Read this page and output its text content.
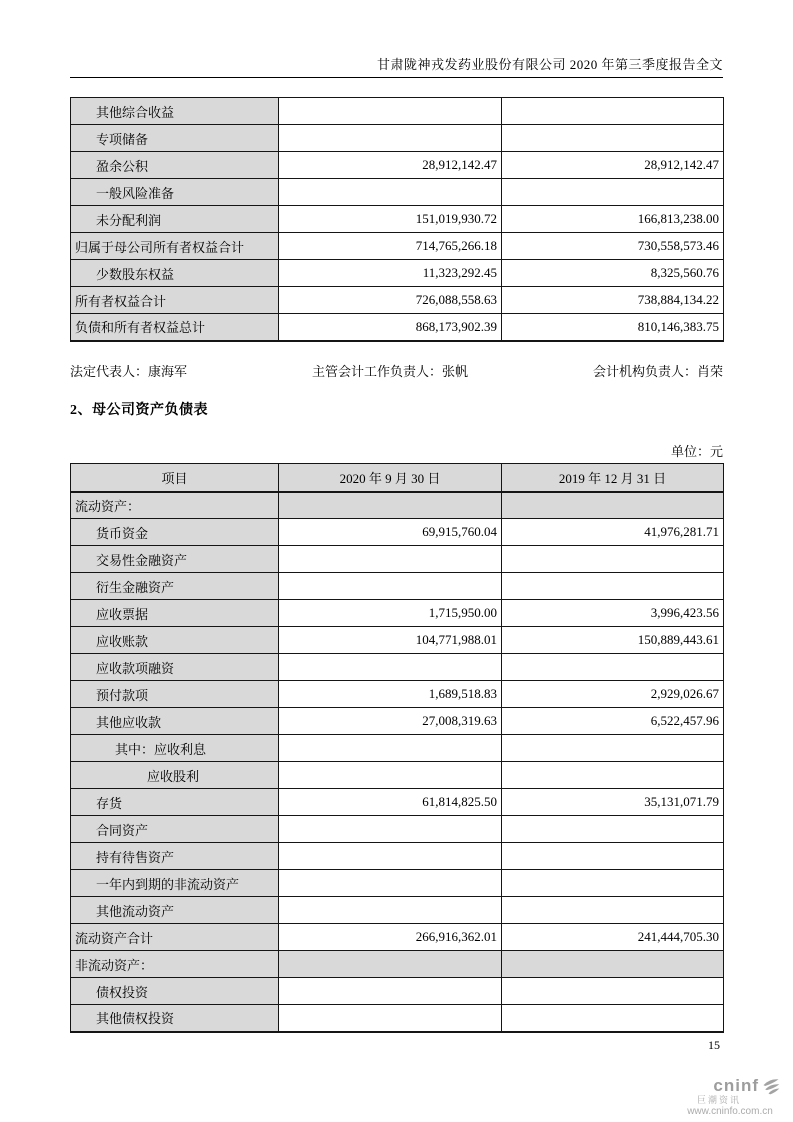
甘肃陇神戎发药业股份有限公司 2020 年第三季度报告全文
其他综合收益		
专项储备		
盈余公积	28,912,142.47	28,912,142.47
一般风险准备		
未分配利润	151,019,930.72	166,813,238.00
归属于母公司所有者权益合计	714,765,266.18	730,558,573.46
少数股东权益	11,323,292.45	8,325,560.76
所有者权益合计	726,088,558.63	738,884,134.22
负债和所有者权益总计	868,173,902.39	810,146,383.75
法定代表人：康海军	主管会计工作负责人：张帆	会计机构负责人：肖荣
2、母公司资产负债表
单位：元
项目	2020 年 9 月 30 日	2019 年 12 月 31 日
流动资产：		
货币资金	69,915,760.04	41,976,281.71
交易性金融资产		
衍生金融资产		
应收票据	1,715,950.00	3,996,423.56
应收账款	104,771,988.01	150,889,443.61
应收款项融资		
预付款项	1,689,518.83	2,929,026.67
其他应收款	27,008,319.63	6,522,457.96
其中：应收利息		
应收股利		
存货	61,814,825.50	35,131,071.79
合同资产		
持有待售资产		
一年内到期的非流动资产		
其他流动资产		
流动资产合计	266,916,362.01	241,444,705.30
非流动资产：		
债权投资		
其他债权投资		
15
cninf
巨潮资讯
www.cninfo.com.cn
